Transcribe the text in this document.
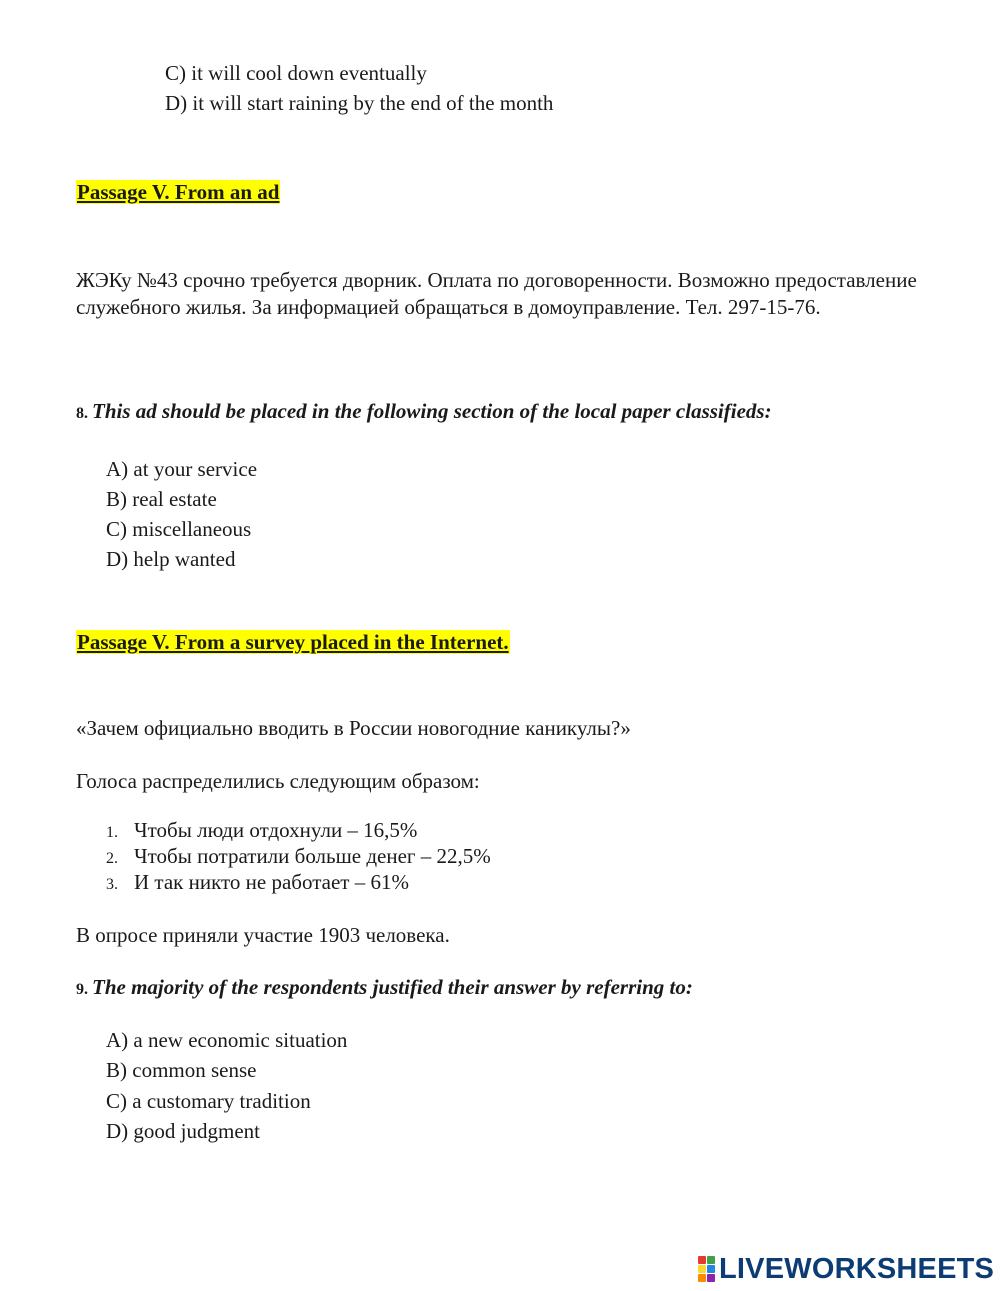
C) it will cool down eventually
D) it will start raining by the end of the month
Passage V. From an ad
ЖЭКу №43 срочно требуется дворник. Оплата по договоренности. Возможно предоставление служебного жилья. За информацией обращаться в домоуправление. Тел. 297-15-76.
8. This ad should be placed in the following section of the local paper classifieds:
A) at your service
B) real estate
C) miscellaneous
D) help wanted
Passage V. From a survey placed in the Internet.
«Зачем официально вводить в России новогодние каникулы?»
Голоса распределились следующим образом:
1. Чтобы люди отдохнули – 16,5%
2. Чтобы потратили больше денег – 22,5%
3. И так никто не работает – 61%
В опросе приняли участие 1903 человека.
9. The majority of the respondents justified their answer by referring to:
A) a new economic situation
B) common sense
C) a customary tradition
D) good judgment
LIVEWORKSHEETS
